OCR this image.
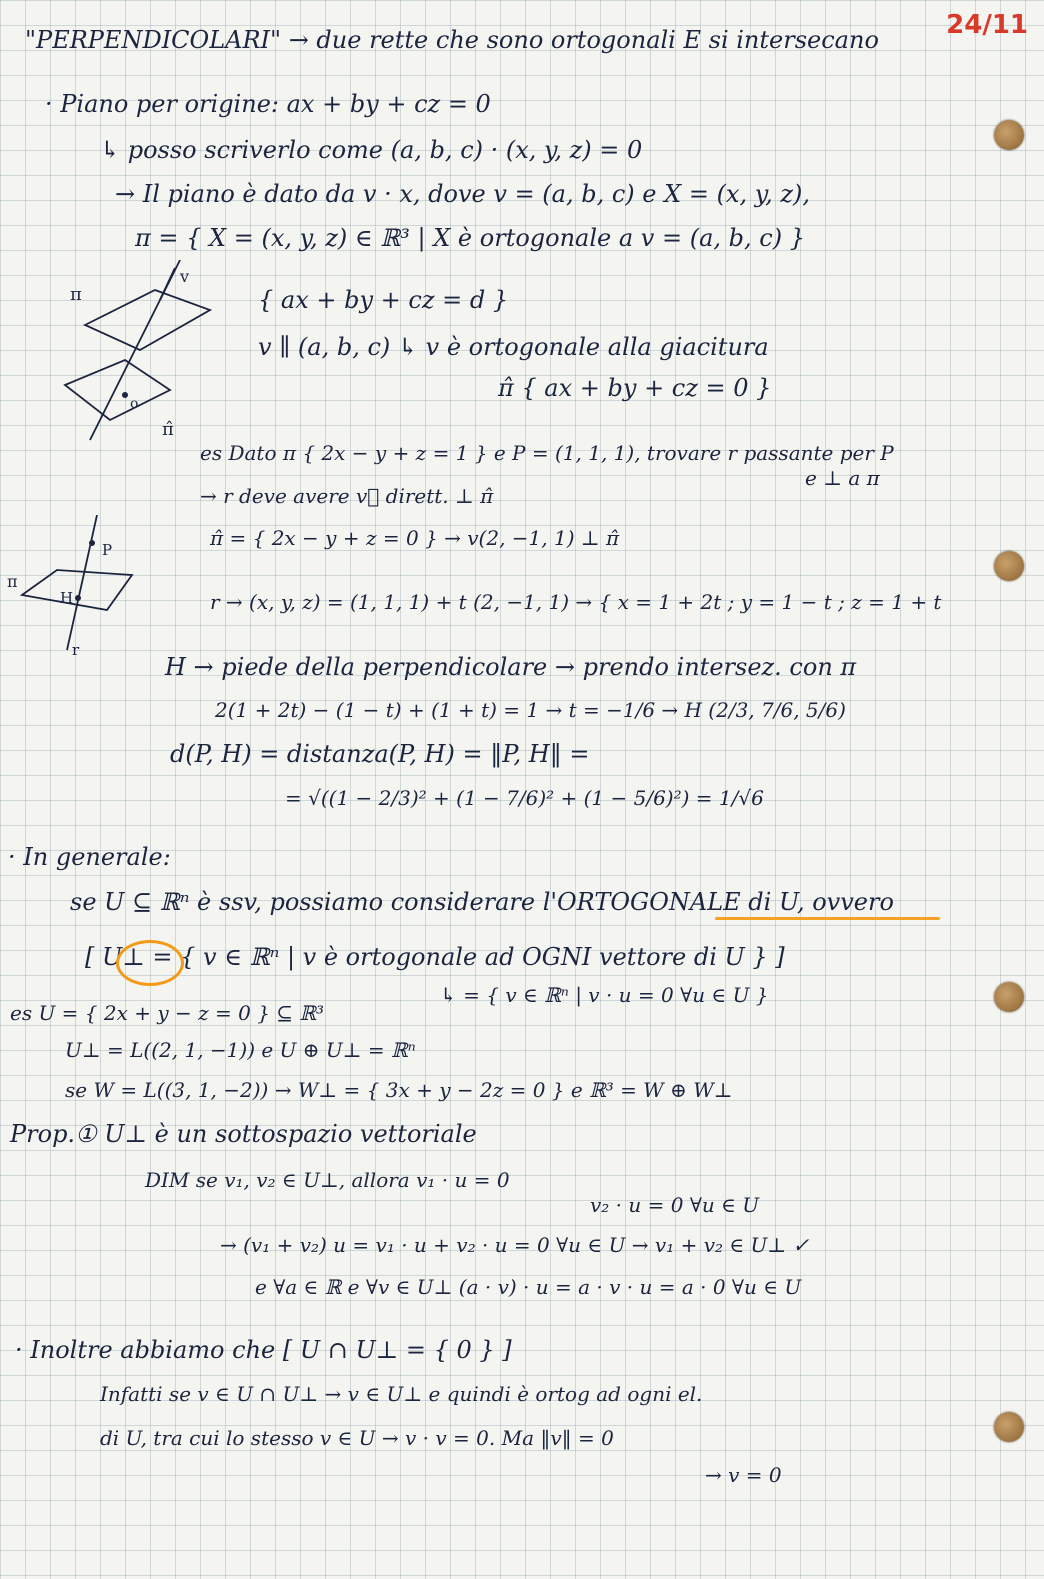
24/11
π
v
o
π̂
π
P
H
r
"PERPENDICOLARI" → due rette che sono ortogonali E si intersecano
· Piano per origine: ax + by + cz = 0
↳ posso scriverlo come (a, b, c) · (x, y, z) = 0
→ Il piano è dato da v · x, dove v = (a, b, c) e X = (x, y, z),
π = { X = (x, y, z) ∈ ℝ³ | X è ortogonale a v = (a, b, c) }
{ ax + by + cz = d }
v ∥ (a, b, c) ↳ v è ortogonale alla giacitura
π̂ { ax + by + cz = 0 }
es Dato π { 2x − y + z = 1 } e P = (1, 1, 1), trovare r passante per P
e ⊥ a π
→ r deve avere v⃗ dirett. ⊥ π̂
π̂ = { 2x − y + z = 0 } → v(2, −1, 1) ⊥ π̂
r → (x, y, z) = (1, 1, 1) + t (2, −1, 1) → { x = 1 + 2t ; y = 1 − t ; z = 1 + t
H → piede della perpendicolare → prendo intersez. con π
2(1 + 2t) − (1 − t) + (1 + t) = 1 → t = −1/6 → H (2/3, 7/6, 5/6)
d(P, H) = distanza(P, H) = ‖P, H‖ =
= √((1 − 2/3)² + (1 − 7/6)² + (1 − 5/6)²) = 1/√6
· In generale:
se U ⊆ ℝⁿ è ssv, possiamo considerare l'ORTOGONALE di U, ovvero
[ U⊥ = { v ∈ ℝⁿ | v è ortogonale ad OGNI vettore di U } ]
↳ = { v ∈ ℝⁿ | v · u = 0 ∀u ∈ U }
es U = { 2x + y − z = 0 } ⊆ ℝ³
U⊥ = L((2, 1, −1)) e U ⊕ U⊥ = ℝⁿ
se W = L((3, 1, −2)) → W⊥ = { 3x + y − 2z = 0 } e ℝ³ = W ⊕ W⊥
Prop.① U⊥ è un sottospazio vettoriale
DIM se v₁, v₂ ∈ U⊥, allora v₁ · u = 0
v₂ · u = 0 ∀u ∈ U
→ (v₁ + v₂) u = v₁ · u + v₂ · u = 0 ∀u ∈ U → v₁ + v₂ ∈ U⊥ ✓
e ∀a ∈ ℝ e ∀v ∈ U⊥ (a · v) · u = a · v · u = a · 0 ∀u ∈ U
· Inoltre abbiamo che [ U ∩ U⊥ = { 0 } ]
Infatti se v ∈ U ∩ U⊥ → v ∈ U⊥ e quindi è ortog ad ogni el.
di U, tra cui lo stesso v ∈ U → v · v = 0. Ma ‖v‖ = 0
→ v = 0
